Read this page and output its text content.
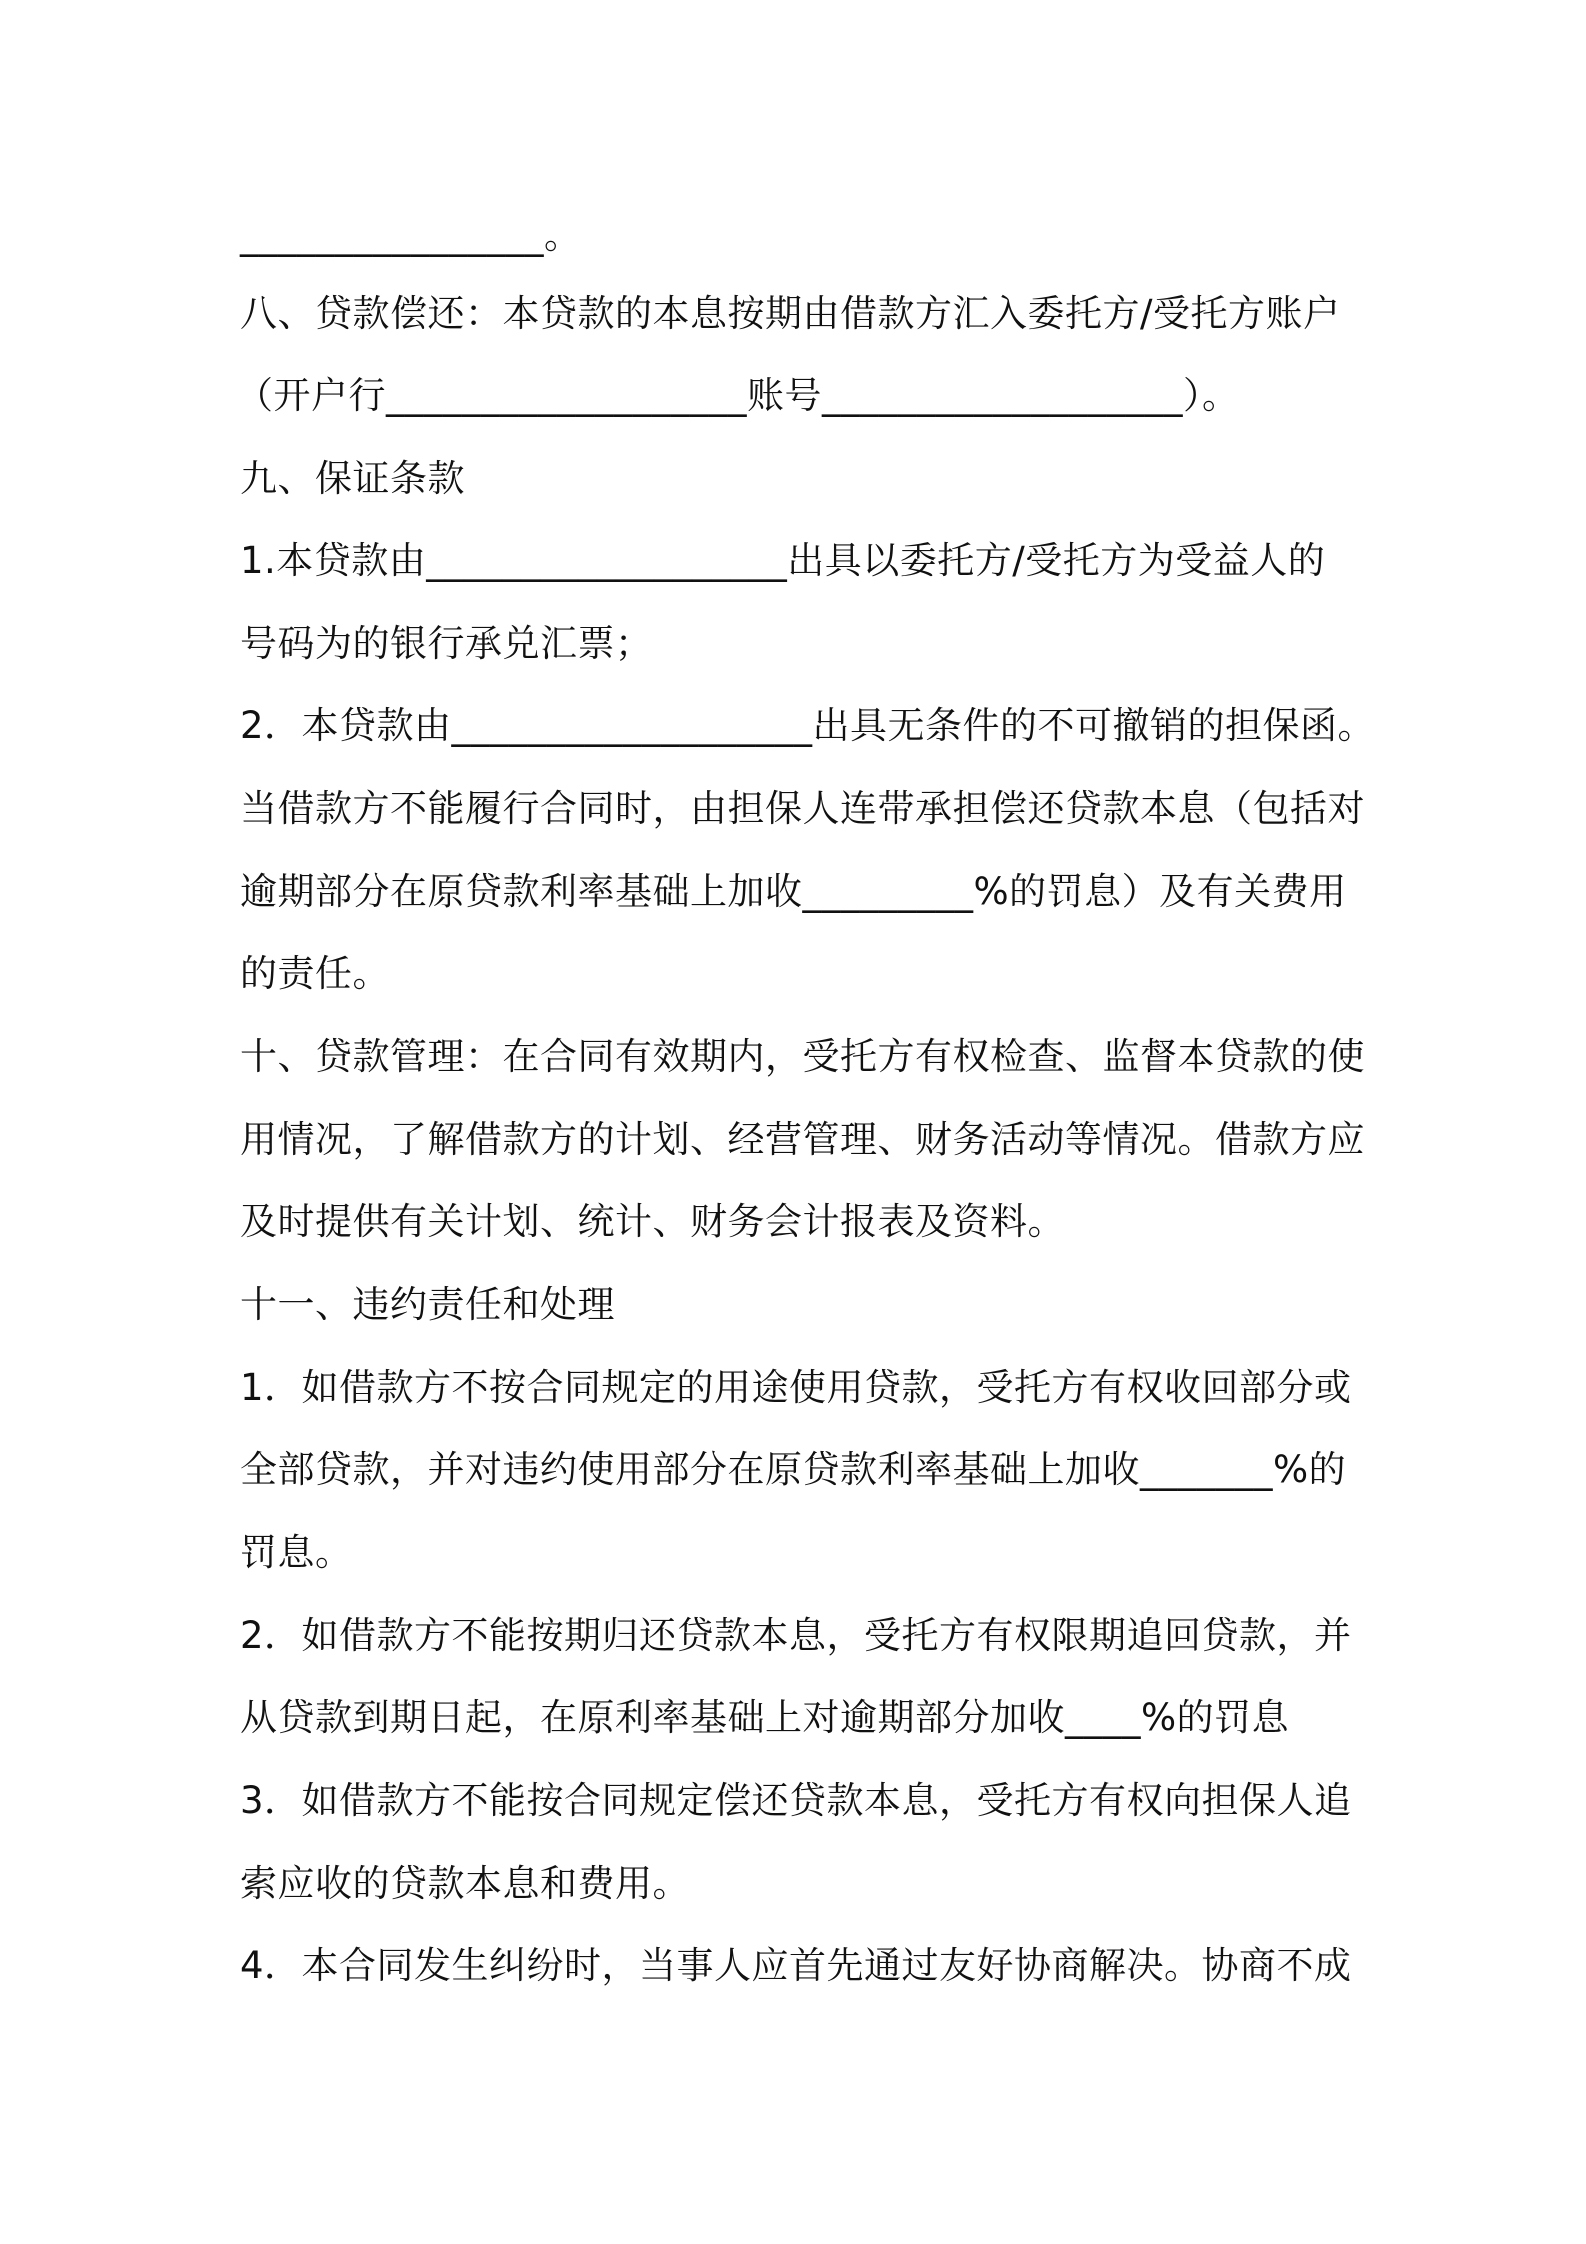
________________。
八、贷款偿还：本贷款的本息按期由借款方汇入委托方/受托方账户
（开户行___________________账号___________________）。
九、保证条款
1.本贷款由___________________出具以委托方/受托方为受益人的
号码为的银行承兑汇票；
2．本贷款由___________________出具无条件的不可撤销的担保函。
当借款方不能履行合同时，由担保人连带承担偿还贷款本息（包括对
逾期部分在原贷款利率基础上加收_________%的罚息）及有关费用
的责任。
十、贷款管理：在合同有效期内，受托方有权检查、监督本贷款的使
用情况，了解借款方的计划、经营管理、财务活动等情况。借款方应
及时提供有关计划、统计、财务会计报表及资料。
十一、违约责任和处理
1．如借款方不按合同规定的用途使用贷款，受托方有权收回部分或
全部贷款，并对违约使用部分在原贷款利率基础上加收_______%的
罚息。
2．如借款方不能按期归还贷款本息，受托方有权限期追回贷款，并
从贷款到期日起，在原利率基础上对逾期部分加收____%的罚息
3．如借款方不能按合同规定偿还贷款本息，受托方有权向担保人追
索应收的贷款本息和费用。
4．本合同发生纠纷时，当事人应首先通过友好协商解决。协商不成
